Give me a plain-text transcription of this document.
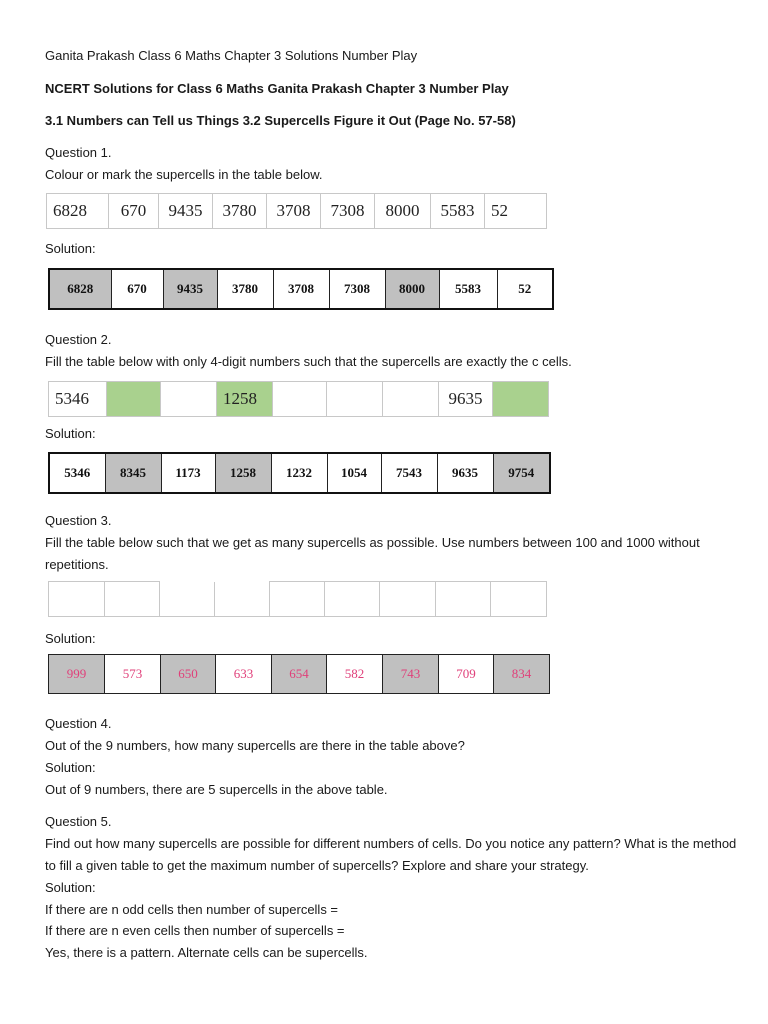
Ganita Prakash Class 6 Maths Chapter 3 Solutions Number Play
NCERT Solutions for Class 6 Maths Ganita Prakash Chapter 3 Number Play
3.1 Numbers can Tell us Things 3.2 Supercells Figure it Out (Page No. 57-58)
Question 1.
Colour or mark the supercells in the table below.
6828	670	9435	3780	3708	7308	8000	5583	52
Solution:
6828	670	9435	3780	3708	7308	8000	5583	52
Question 2.
Fill the table below with only 4-digit numbers such that the supercells are exactly the c cells.
5346			1258				9635	
Solution:
5346	8345	1173	1258	1232	1054	7543	9635	9754
Question 3.
Fill the table below such that we get as many supercells as possible. Use numbers between 100 and 1000 without repetitions.

Solution:
999	573	650	633	654	582	743	709	834
Question 4.
Out of the 9 numbers, how many supercells are there in the table above?
Solution:
Out of 9 numbers, there are 5 supercells in the above table.
Question 5.
Find out how many supercells are possible for different numbers of cells. Do you notice any pattern? What is the method to fill a given table to get the maximum number of supercells? Explore and share your strategy.
Solution:
If there are n odd cells then number of supercells =
If there are n even cells then number of supercells =
Yes, there is a pattern. Alternate cells can be supercells.
